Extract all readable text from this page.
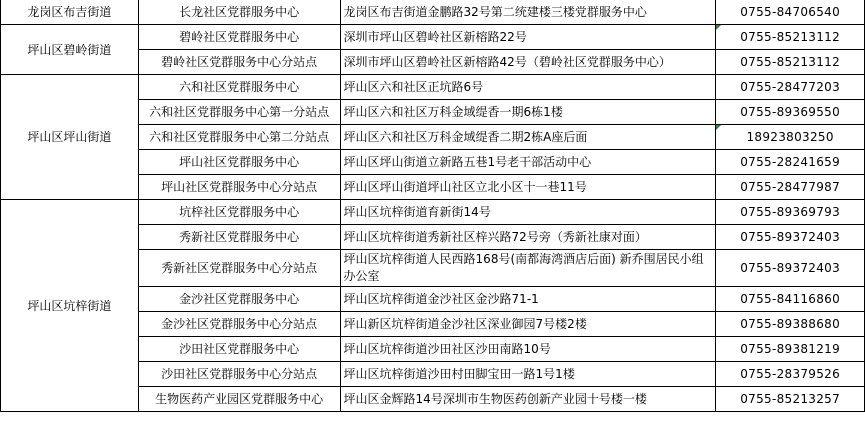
龙岗区布吉街道	长龙社区党群服务中心	龙岗区布吉街道金鹏路32号第二统建楼三楼党群服务中心	0755-84706540
坪山区碧岭街道	碧岭社区党群服务中心	深圳市坪山区碧岭社区新榕路22号	0755-85213112
	碧岭社区党群服务中心分站点	深圳市坪山区碧岭社区新榕路42号（碧岭社区党群服务中心）	0755-85213112
坪山区坪山街道	六和社区党群服务中心	坪山区六和社区正坑路6号	0755-28477203
	六和社区党群服务中心第一分站点	坪山区六和社区万科金域缇香一期6栋1楼	0755-89369550
	六和社区党群服务中心第二分站点	坪山区六和社区万科金域缇香二期2栋A座后面	18923803250
	坪山社区党群服务中心	坪山区坪山街道立新路五巷1号老干部活动中心	0755-28241659
	坪山社区党群服务中心分站点	坪山区坪山街道坪山社区立北小区十一巷11号	0755-28477987
坪山区坑梓街道	坑梓社区党群服务中心	坪山区坑梓街道育新街14号	0755-89369793
	秀新社区党群服务中心	坪山区坑梓街道秀新社区梓兴路72号旁（秀新社康对面）	0755-89372403
	秀新社区党群服务中心分站点	坪山区坑梓街道人民西路168号(南都海湾酒店后面) 新乔围居民小组办公室	0755-89372403
	金沙社区党群服务中心	坪山区坑梓街道金沙社区金沙路71-1	0755-84116860
	金沙社区党群服务中心分站点	坪山新区坑梓街道金沙社区深业御园7号楼2楼	0755-89388680
	沙田社区党群服务中心	坪山区坑梓街道沙田社区沙田南路10号	0755-89381219
	沙田社区党群服务中心分站点	坪山区坑梓街道沙田村田脚宝田一路1号1楼	0755-28379526
	生物医药产业园区党群服务中心	坪山区金辉路14号深圳市生物医药创新产业园十号楼一楼	0755-85213257
